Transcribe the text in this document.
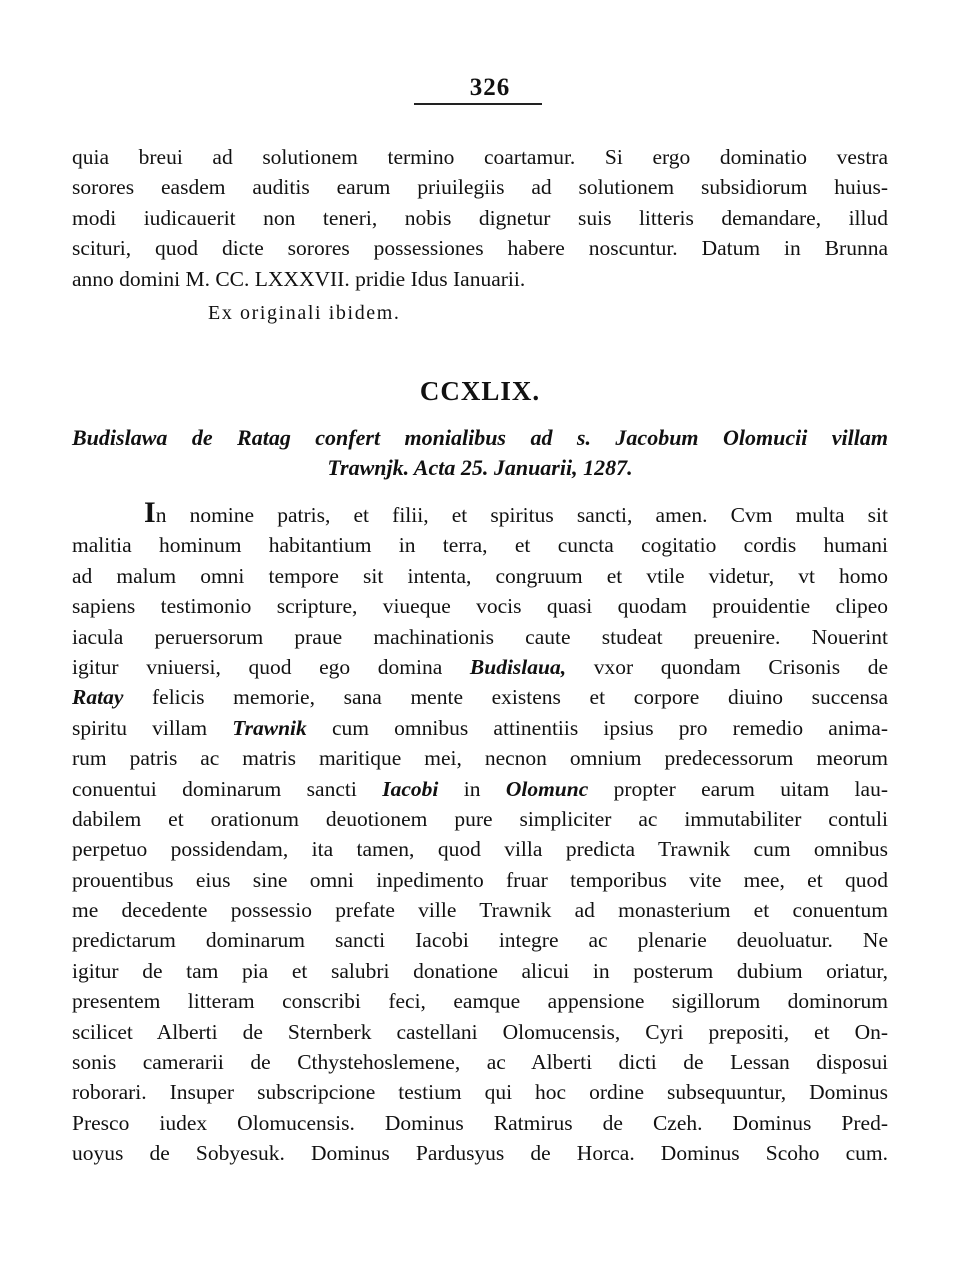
326
quia breui ad solutionem termino coartamur. Si ergo dominatio vestra
sorores easdem auditis earum priuilegiis ad solutionem subsidiorum huius-
modi iudicauerit non teneri, nobis dignetur suis litteris demandare, illud
scituri, quod dicte sorores possessiones habere noscuntur. Datum in Brunna
anno domini M. CC. LXXXVII. pridie Idus Ianuarii.
Ex originali ibidem.
CCXLIX.
Budislawa de Ratag confert monialibus ad s. Jacobum Olomucii villam
Trawnjk. Acta 25. Januarii, 1287.
In nomine patris, et filii, et spiritus sancti, amen. Cvm multa sit
malitia hominum habitantium in terra, et cuncta cogitatio cordis humani
ad malum omni tempore sit intenta, congruum et vtile videtur, vt homo
sapiens testimonio scripture, viueque vocis quasi quodam prouidentie clipeo
iacula peruersorum praue machinationis caute studeat preuenire. Nouerint
igitur vniuersi, quod ego domina Budislaua, vxor quondam Crisonis de
Ratay felicis memorie, sana mente existens et corpore diuino succensa
spiritu villam Trawnik cum omnibus attinentiis ipsius pro remedio anima-
rum patris ac matris maritique mei, necnon omnium predecessorum meorum
conuentui dominarum sancti Iacobi in Olomunc propter earum uitam lau-
dabilem et orationum deuotionem pure simpliciter ac immutabiliter contuli
perpetuo possidendam, ita tamen, quod villa predicta Trawnik cum omnibus
prouentibus eius sine omni inpedimento fruar temporibus vite mee, et quod
me decedente possessio prefate ville Trawnik ad monasterium et conuentum
predictarum dominarum sancti Iacobi integre ac plenarie deuoluatur. Ne
igitur de tam pia et salubri donatione alicui in posterum dubium oriatur,
presentem litteram conscribi feci, eamque appensione sigillorum dominorum
scilicet Alberti de Sternberk castellani Olomucensis, Cyri prepositi, et On-
sonis camerarii de Cthystehoslemene, ac Alberti dicti de Lessan disposui
roborari. Insuper subscripcione testium qui hoc ordine subsequuntur, Dominus
Presco iudex Olomucensis. Dominus Ratmirus de Czeh. Dominus Pred-
uoyus de Sobyesuk. Dominus Pardusyus de Horca. Dominus Scoho cum.
